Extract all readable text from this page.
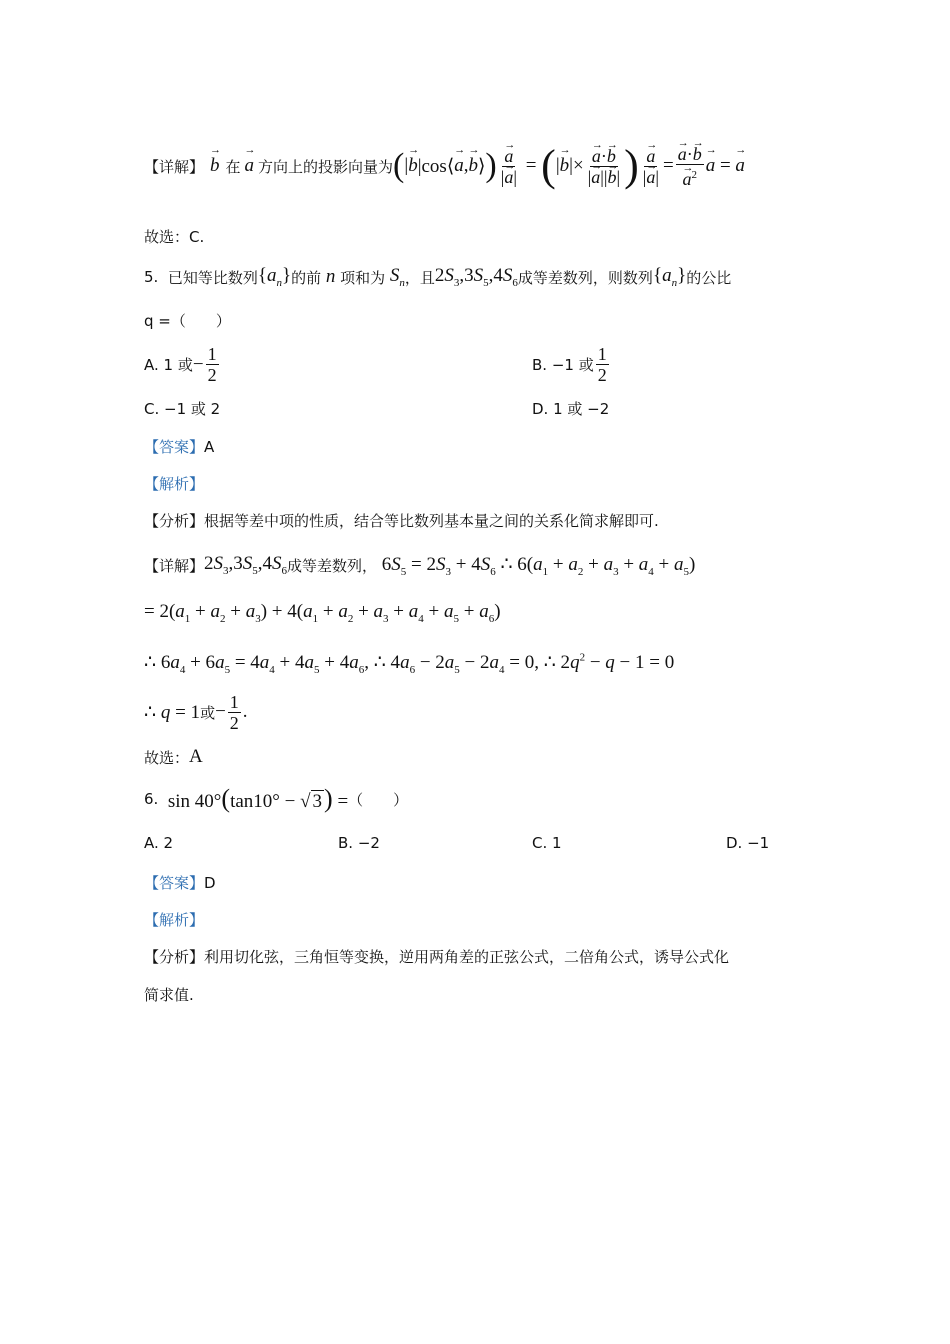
【详解】
→ b 在
→ a 方向上的投影向量为 ( |
→ b |cos⟨
→ a ,
→ b ⟩ )
→ $\frac{a}{|\to a|}$ = ( |
→ b |×
→ $\frac{a\cdot\to b}{|\to a||\to b|}$ )
→ $\frac{a}{|\to a|}$ =
→ a·→ b
→ $a^2$
→ a =
→ a
故选：C.
5.
已知等比数列 $\{a_n\}$ 的前 n 项和为 $S_n$ ，且 $2S_3,3S_5,4S_6$ 成等差数列，则数列 $\{a_n\}$ 的公比
q =（　　）
A. 1 或 − $\frac{1}{2}$	B. −1 或 $\frac{1}{2}$
C. −1 或 2	D. 1 或 −2
【答案】 A
【解析】
【分析】 根据等差中项的性质，结合等比数列基本量之间的关系化简求解即可.
【详解】 $2S_3,3S_5,4S_6$ 成等差数列， $6S_5 = 2S_3 + 4S_6$ ∴ $6(a_1 + a_2 + a_3 + a_4 + a_5)$
= $2(a_1 + a_2 + a_3) + 4(a_1 + a_2 + a_3 + a_4 + a_5 + a_6)$
∴ $6a_4 + 6a_5 = 4a_4 + 4a_5 + 4a_6$, ∴ $4a_6 - 2a_5 - 2a_4 = 0$, ∴ $2q^2 - q - 1 = 0$
∴ q = 1 或 − $\frac{1}{2}$ .
故选： A
6.
sin 40°(tan10° − √ 3) = （　　）
A. 2	B. −2	C. 1	D. −1
【答案】 D
【解析】
【分析】 利用切化弦，三角恒等变换，逆用两角差的正弦公式，二倍角公式，诱导公式化
简求值.
